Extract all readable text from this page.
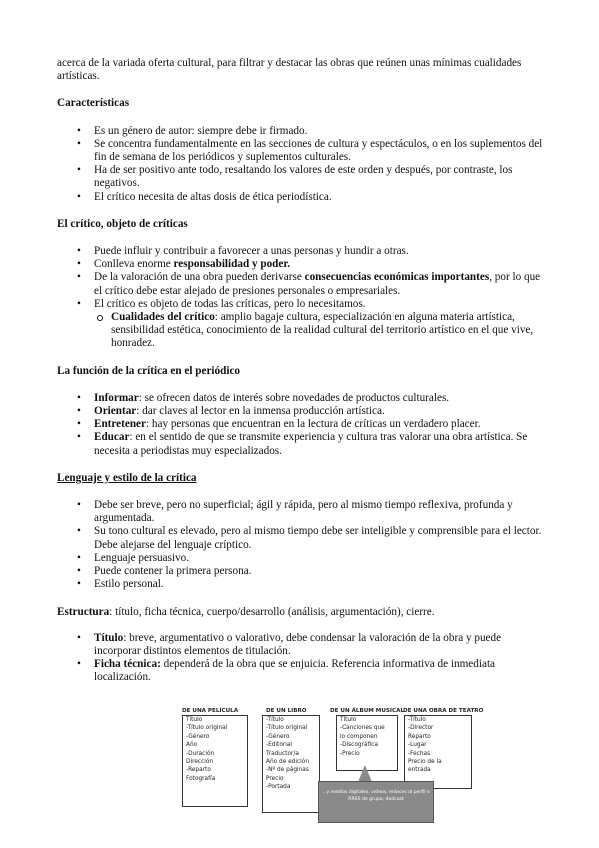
acerca de la variada oferta cultural, para filtrar y destacar las obras que reúnen unas mínimas cualidades artísticas.

Características
• Es un género de autor: siempre debe ir firmado.
• Se concentra fundamentalmente en las secciones de cultura y espectáculos, o en los suplementos del fin de semana de los periódicos y suplementos culturales.
• Ha de ser positivo ante todo, resaltando los valores de este orden y después, por contraste, los negativos.
• El crítico necesita de altas dosis de ética periodística.
El crítico, objeto de críticas
• Puede influir y contribuir a favorecer a unas personas y hundir a otras.
• Conlleva enorme responsabilidad y poder.
• De la valoración de una obra pueden derivarse consecuencias económicas importantes, por lo que el crítico debe estar alejado de presiones personales o empresariales.
• El crítico es objeto de todas las críticas, pero lo necesitamos.
Cualidades del crítico: amplio bagaje cultura, especialización en alguna materia artística, sensibilidad estética, conocimiento de la realidad cultural del territorio artístico en el que vive, honradez.
La función de la crítica en el periódico
• Informar: se ofrecen datos de interés sobre novedades de productos culturales.
• Orientar: dar claves al lector en la inmensa producción artística.
• Entretener: hay personas que encuentran en la lectura de críticas un verdadero placer.
• Educar: en el sentido de que se transmite experiencia y cultura tras valorar una obra artística. Se necesita a periodistas muy especializados.
Lenguaje y estilo de la crítica
• Debe ser breve, pero no superficial; ágil y rápida, pero al mismo tiempo reflexiva, profunda y argumentada.
• Su tono cultural es elevado, pero al mismo tiempo debe ser inteligible y comprensible para el lector. Debe alejarse del lenguaje críptico.
• Lenguaje persuasivo.
• Puede contener la primera persona.
• Estilo personal.

Estructura: título, ficha técnica, cuerpo/desarrollo (análisis, argumentación), cierre.

• Título: breve, argumentativo o valorativo, debe condensar la valoración de la obra y puede incorporar distintos elementos de titulación.
• Ficha técnica: dependerá de la obra que se enjuicia. Referencia informativa de inmediata localización.
DE UNA PELÍCULA	DE UN LIBRO	DE UN ÁLBUM MUSICAL
DE UNA OBRA DE TEATRO
Título
-Título original
-Género
Año
-Duración
Dirección
-Reparto
Fotografía
-Título
-Título original
-Género
-Editorial
Traductor/a
Año de edición
-Nº de páginas
Precio
-Portada
Título
-Canciones que
lo componen
-Discográfica
-Precio
-Título
-Director
Reparto
-Lugar
-Fechas
Precio de la
entrada
...y medios digitales, vídeos, enlaces al perfil o RRSS de grupo, dodcast
